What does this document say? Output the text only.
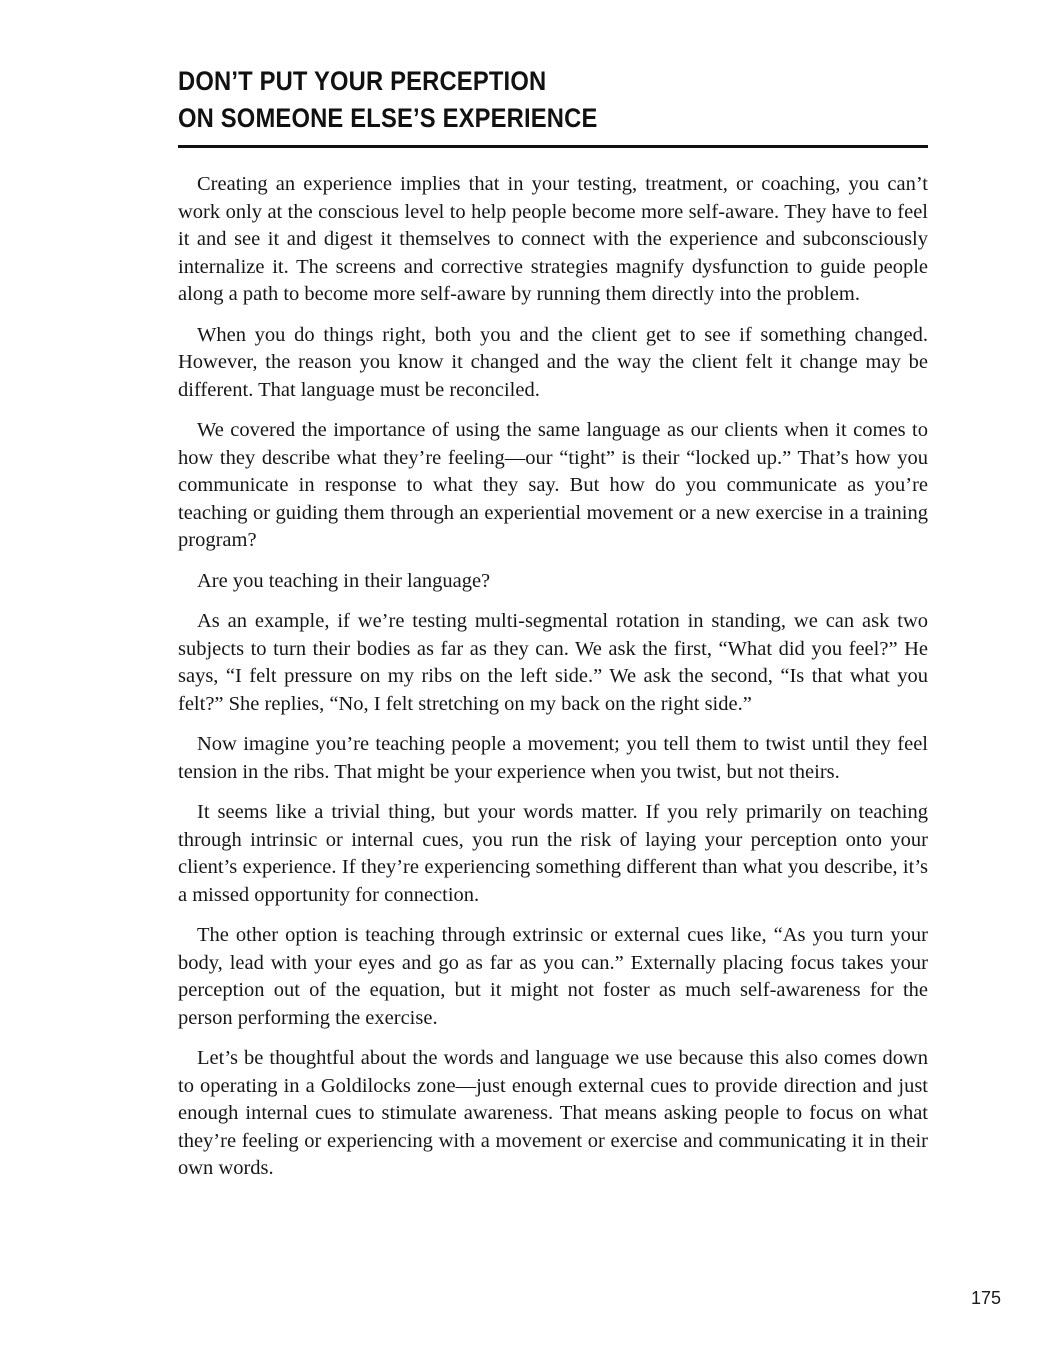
DON’T PUT YOUR PERCEPTION
ON SOMEONE ELSE’S EXPERIENCE

Creating an experience implies that in your testing, treatment, or coaching, you can’t work only at the conscious level to help people become more self-aware. They have to feel it and see it and digest it themselves to connect with the experience and subconsciously internalize it. The screens and corrective strategies magnify dysfunction to guide people along a path to become more self-aware by running them directly into the problem.

When you do things right, both you and the client get to see if something changed. However, the reason you know it changed and the way the client felt it change may be different. That language must be reconciled.

We covered the importance of using the same language as our clients when it comes to how they describe what they’re feeling—our “tight” is their “locked up.” That’s how you communicate in response to what they say. But how do you communicate as you’re teaching or guiding them through an experiential movement or a new exercise in a training program?

Are you teaching in their language?

As an example, if we’re testing multi-segmental rotation in standing, we can ask two subjects to turn their bodies as far as they can. We ask the first, “What did you feel?” He says, “I felt pressure on my ribs on the left side.” We ask the second, “Is that what you felt?” She replies, “No, I felt stretching on my back on the right side.”

Now imagine you’re teaching people a movement; you tell them to twist until they feel tension in the ribs. That might be your experience when you twist, but not theirs.

It seems like a trivial thing, but your words matter. If you rely primarily on teaching through intrinsic or internal cues, you run the risk of laying your perception onto your client’s experience. If they’re experiencing something different than what you describe, it’s a missed opportunity for connection.

The other option is teaching through extrinsic or external cues like, “As you turn your body, lead with your eyes and go as far as you can.” Externally placing focus takes your perception out of the equation, but it might not foster as much self-awareness for the person performing the exercise.

Let’s be thoughtful about the words and language we use because this also comes down to operating in a Goldilocks zone—just enough external cues to provide direction and just enough internal cues to stimulate awareness. That means asking people to focus on what they’re feeling or experiencing with a movement or exercise and communicating it in their own words.

175
